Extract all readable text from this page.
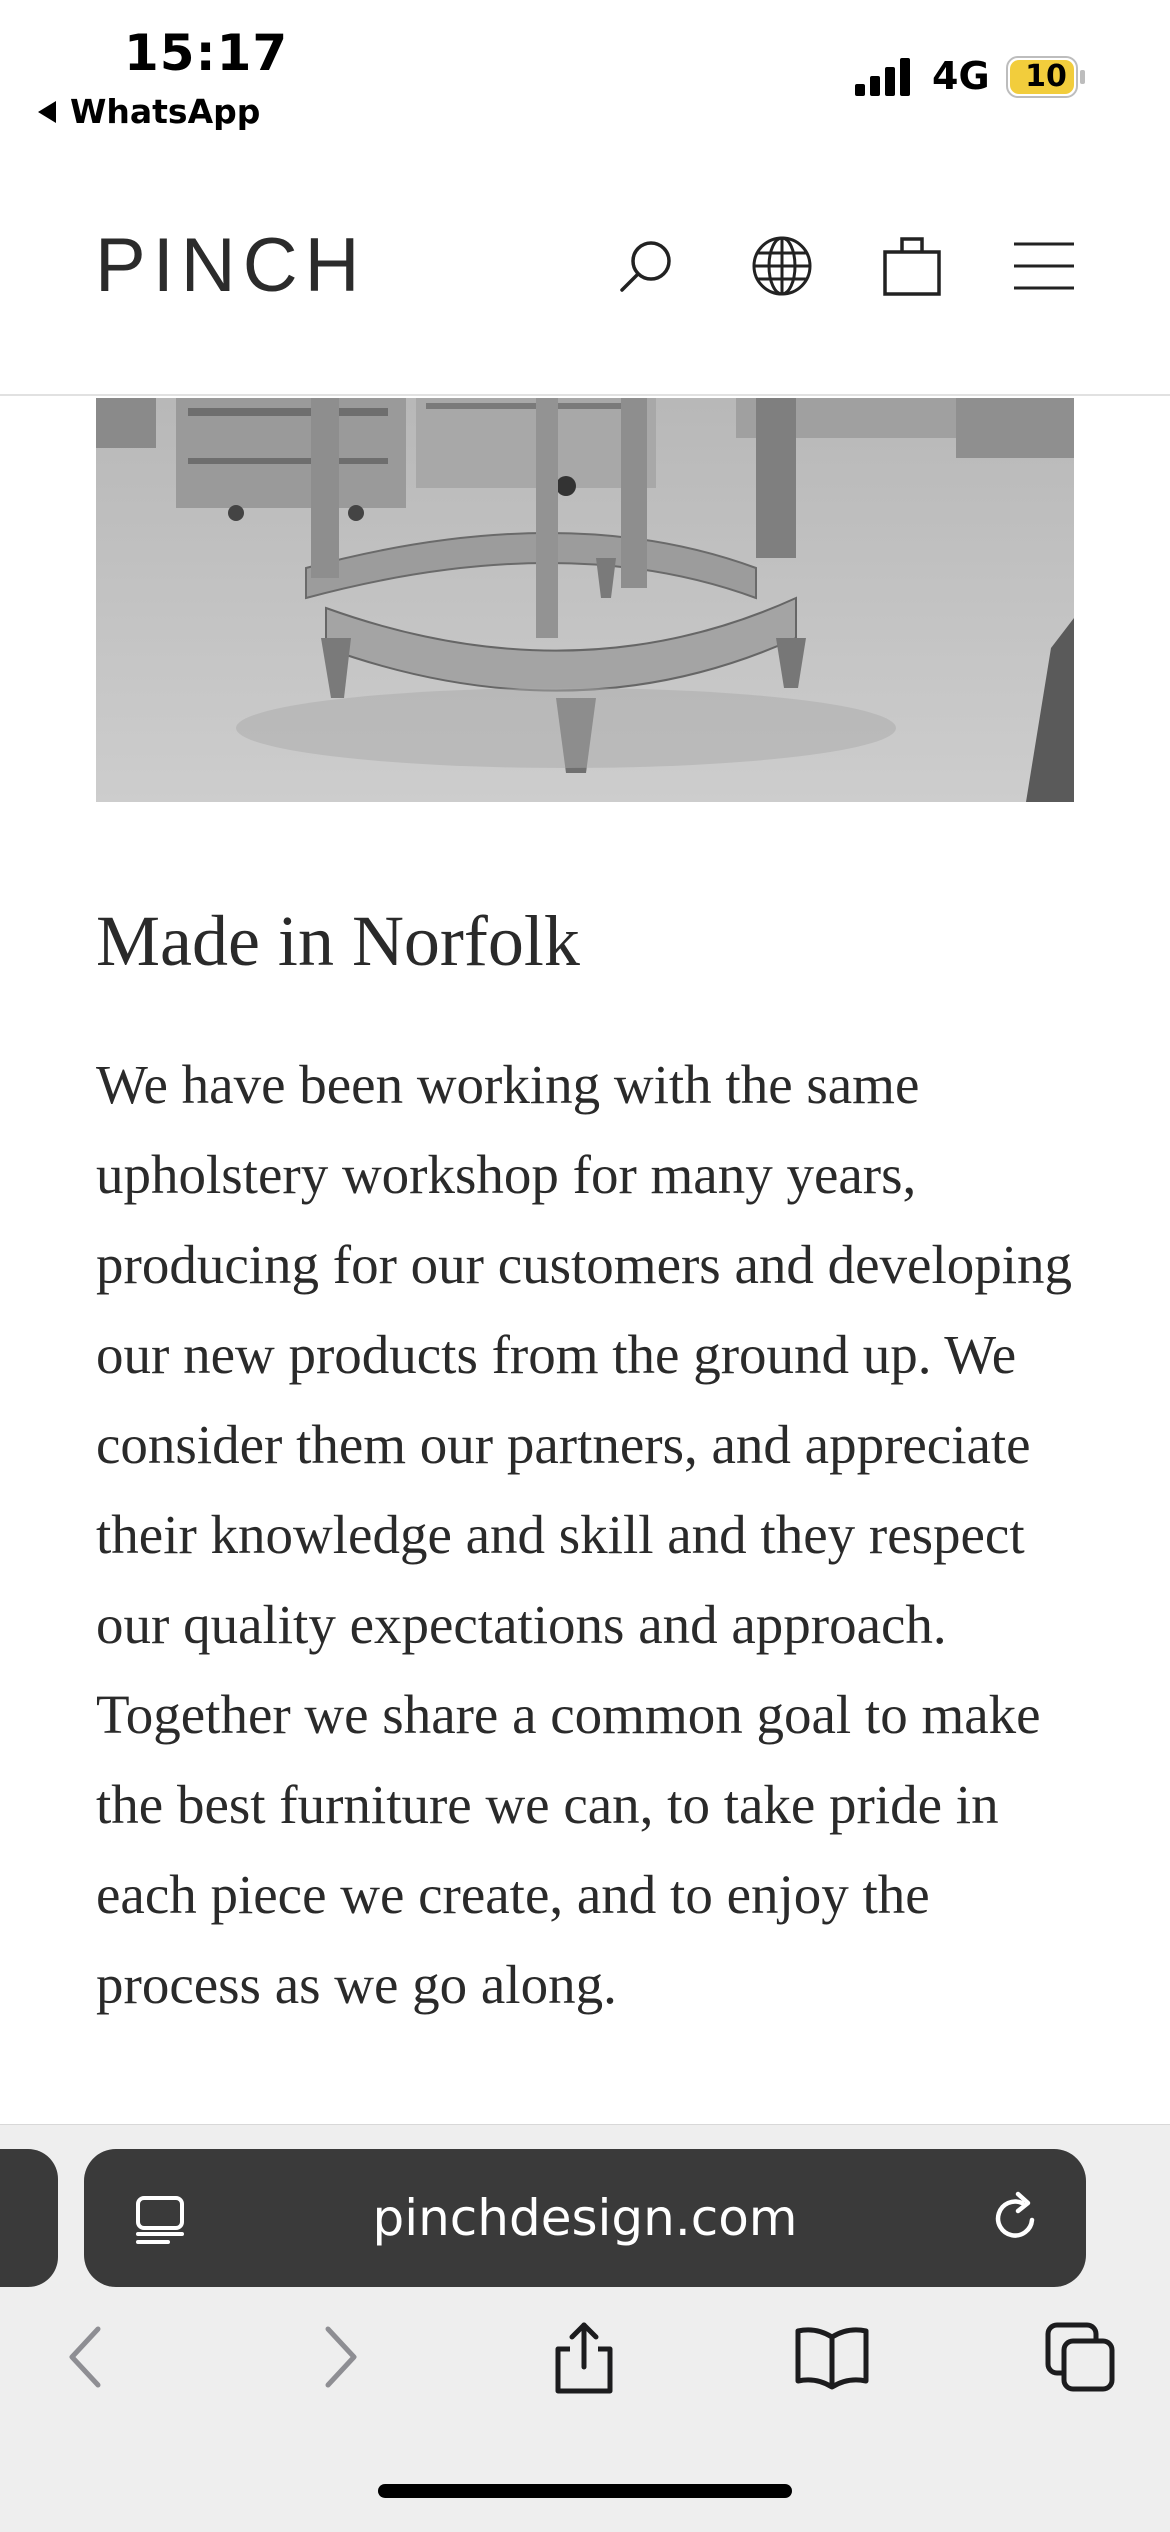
15:17
WhatsApp
4G	10
PINCH
Made in Norfolk

We have been working with the same upholstery workshop for many years, producing for our customers and developing our new products from the ground up. We consider them our partners, and appreciate their knowledge and skill and they respect our quality expectations and approach. Together we share a common goal to make the best furniture we can, to take pride in each piece we create, and to enjoy the process as we go along.

pinchdesign.com
